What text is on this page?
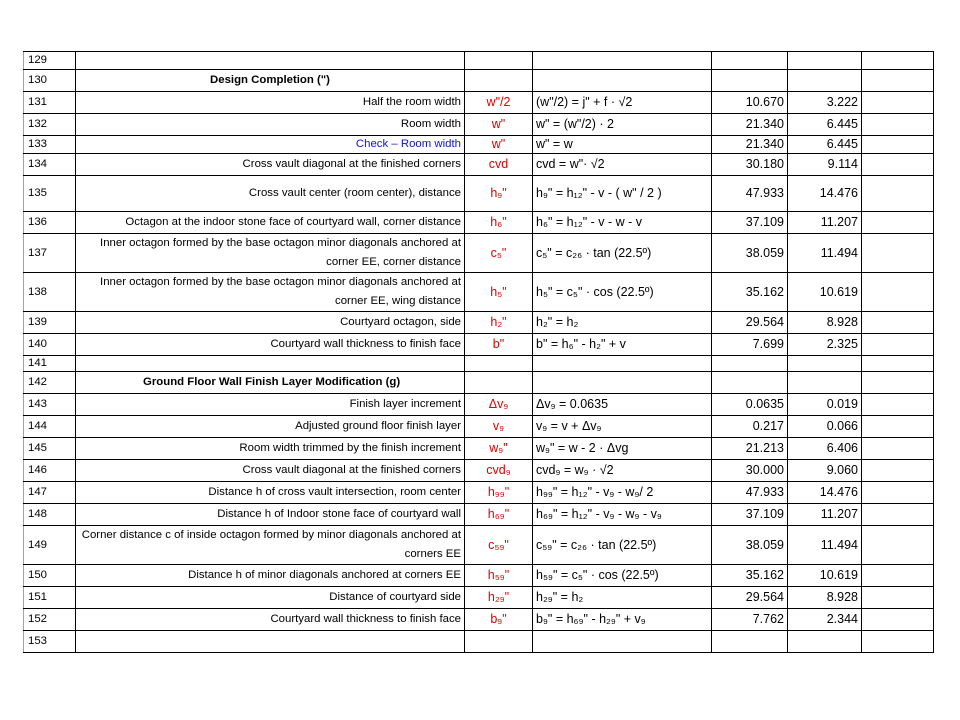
129						
130	Design Completion (")					
131	Half the room width	w"/2	(w"/2) = j" + f · √2	10.670	3.222	
132	Room width	w"	w" = (w"/2) · 2	21.340	6.445	
133	Check – Room width	w"	w" = w	21.340	6.445	
134	Cross vault diagonal at the finished corners	cvd	cvd = w"· √2	30.180	9.114	
135	Cross vault center (room center), distance	h₉"	h₉" = h₁₂" - v - ( w" / 2 )	47.933	14.476	
136	Octagon at the indoor stone face of courtyard wall, corner distance	h₆"	h₆" = h₁₂" - v - w - v	37.109	11.207	
137	Inner octagon formed by the base octagon minor diagonals anchored at corner EE, corner distance	c₅"	c₅" = c₂₆ · tan (22.5º)	38.059	11.494	
138	Inner octagon formed by the base octagon minor diagonals anchored at corner EE, wing distance	h₅"	h₅" = c₅" · cos (22.5º)	35.162	10.619	
139	Courtyard octagon, side	h₂"	h₂" = h₂	29.564	8.928	
140	Courtyard wall thickness to finish face	b"	b" = h₆" - h₂" + v	7.699	2.325	
141						
142	Ground Floor Wall Finish Layer Modification (g)					
143	Finish layer increment	Δv₉	Δv₉ = 0.0635	0.0635	0.019	
144	Adjusted ground floor finish layer	v₉	v₉ = v + Δv₉	0.217	0.066	
145	Room width trimmed by the finish increment	w₉"	w₉" = w - 2 · Δvg	21.213	6.406	
146	Cross vault diagonal at the finished corners	cvd₉	cvd₉ = w₉ · √2	30.000	9.060	
147	Distance h of cross vault intersection, room center	h₉₉"	h₉₉" = h₁₂" - v₉ - w₉/ 2	47.933	14.476	
148	Distance h of Indoor stone face of courtyard wall	h₆₉"	h₆₉" = h₁₂" - v₉ - w₉ - v₉	37.109	11.207	
149	Corner distance c of inside octagon formed by minor diagonals anchored at corners EE	c₅₉"	c₅₉" = c₂₆ · tan (22.5º)	38.059	11.494	
150	Distance h of minor diagonals anchored at corners EE	h₅₉"	h₅₉" = c₅" · cos (22.5º)	35.162	10.619	
151	Distance of courtyard side	h₂₉"	h₂₉" = h₂	29.564	8.928	
152	Courtyard wall thickness to finish face	b₉"	b₉" = h₆₉" - h₂₉" + v₉	7.762	2.344	
153						
